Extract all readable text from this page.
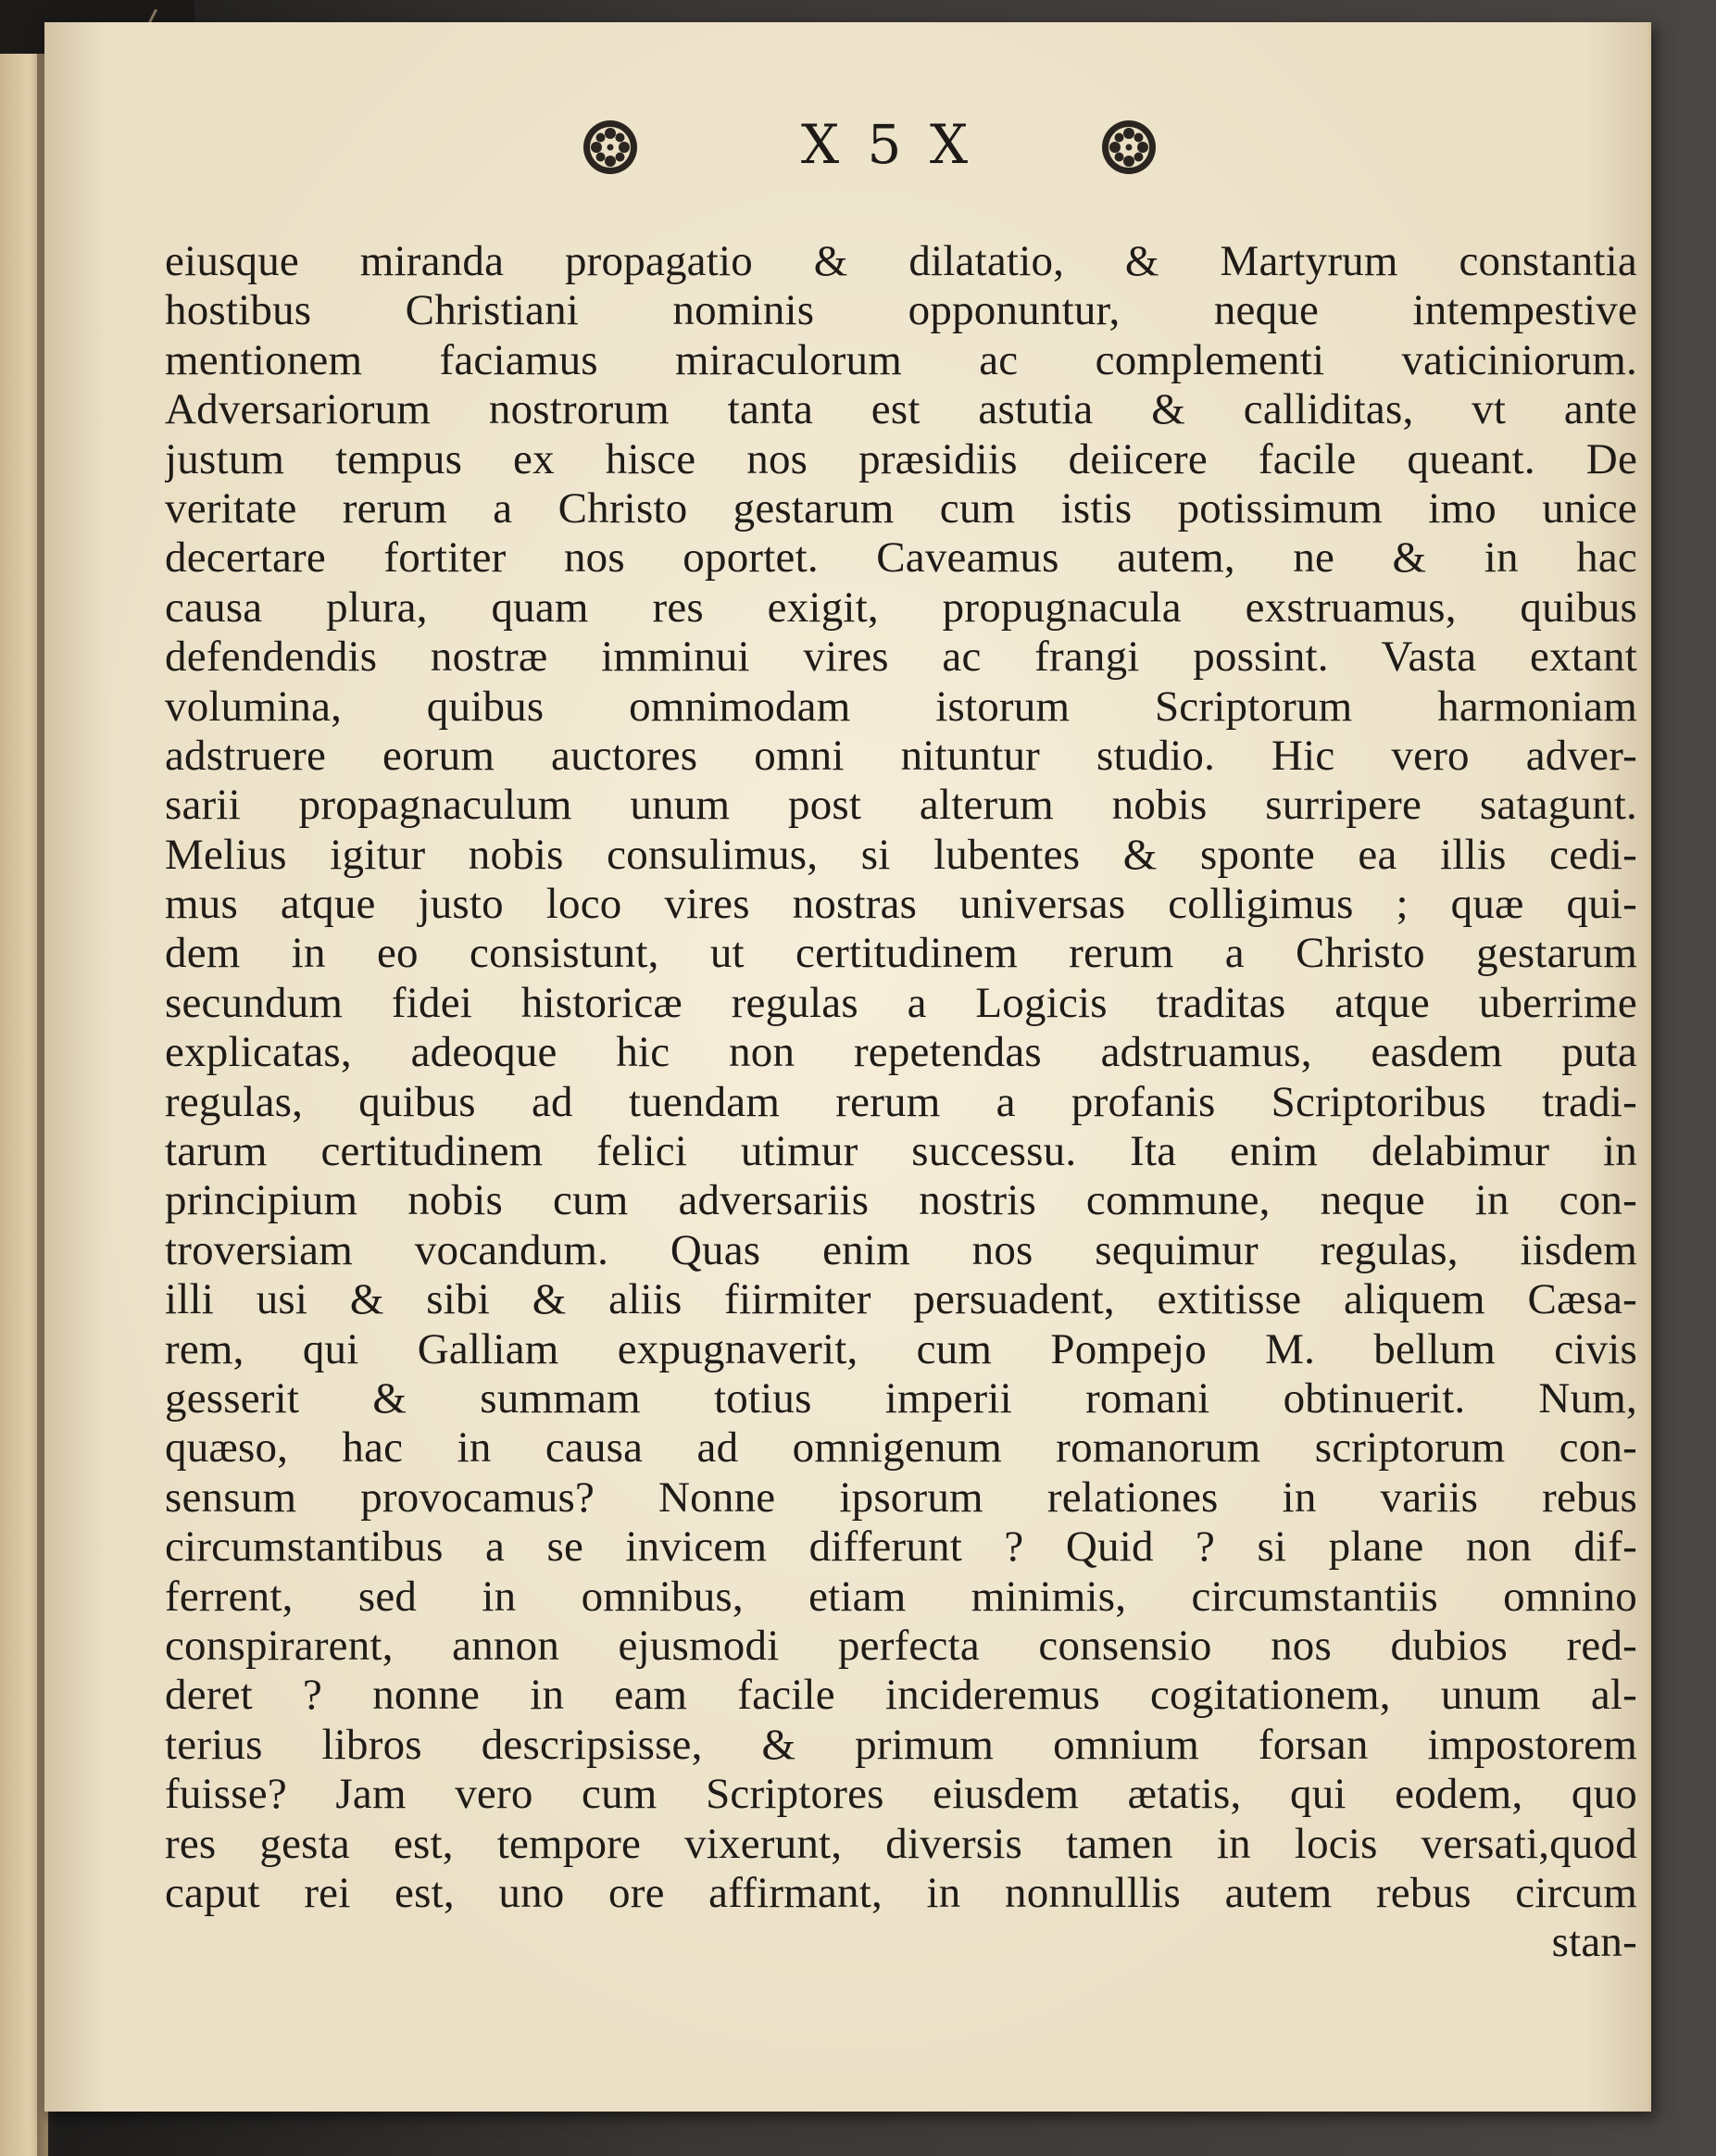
X 5 X
eiusque miranda propagatio & dilatatio, & Martyrum constantia
hostibus Christiani nominis opponuntur, neque intempestive
mentionem faciamus miraculorum ac complementi vaticiniorum.
Adversariorum nostrorum tanta est astutia & calliditas, vt ante
justum tempus ex hisce nos præsidiis deiicere facile queant. De
veritate rerum a Christo gestarum cum istis potissimum imo unice
decertare fortiter nos oportet. Caveamus autem, ne & in hac
causa plura, quam res exigit, propugnacula exstruamus, quibus
defendendis nostræ imminui vires ac frangi possint. Vasta extant
volumina, quibus omnimodam istorum Scriptorum harmoniam
adstruere eorum auctores omni nituntur studio. Hic vero adver-
sarii propagnaculum unum post alterum nobis surripere satagunt.
Melius igitur nobis consulimus, si lubentes & sponte ea illis cedi-
mus atque justo loco vires nostras universas colligimus ; quæ qui-
dem in eo consistunt, ut certitudinem rerum a Christo gestarum
secundum fidei historicæ regulas a Logicis traditas atque uberrime
explicatas, adeoque hic non repetendas adstruamus, easdem puta
regulas, quibus ad tuendam rerum a profanis Scriptoribus tradi-
tarum certitudinem felici utimur successu. Ita enim delabimur in
principium nobis cum adversariis nostris commune, neque in con-
troversiam vocandum. Quas enim nos sequimur regulas, iisdem
illi usi & sibi & aliis fiirmiter persuadent, extitisse aliquem Cæsa-
rem, qui Galliam expugnaverit, cum Pompejo M. bellum civis
gesserit & summam totius imperii romani obtinuerit. Num,
quæso, hac in causa ad omnigenum romanorum scriptorum con-
sensum provocamus? Nonne ipsorum relationes in variis rebus
circumstantibus a se invicem differunt ? Quid ? si plane non dif-
ferrent, sed in omnibus, etiam minimis, circumstantiis omnino
conspirarent, annon ejusmodi perfecta consensio nos dubios red-
deret ? nonne in eam facile incideremus cogitationem, unum al-
terius libros descripsisse, & primum omnium forsan impostorem
fuisse? Jam vero cum Scriptores eiusdem ætatis, qui eodem, quo
res gesta est, tempore vixerunt, diversis tamen in locis versati,quod
caput rei est, uno ore affirmant, in nonnulllis autem rebus circum
stan-
